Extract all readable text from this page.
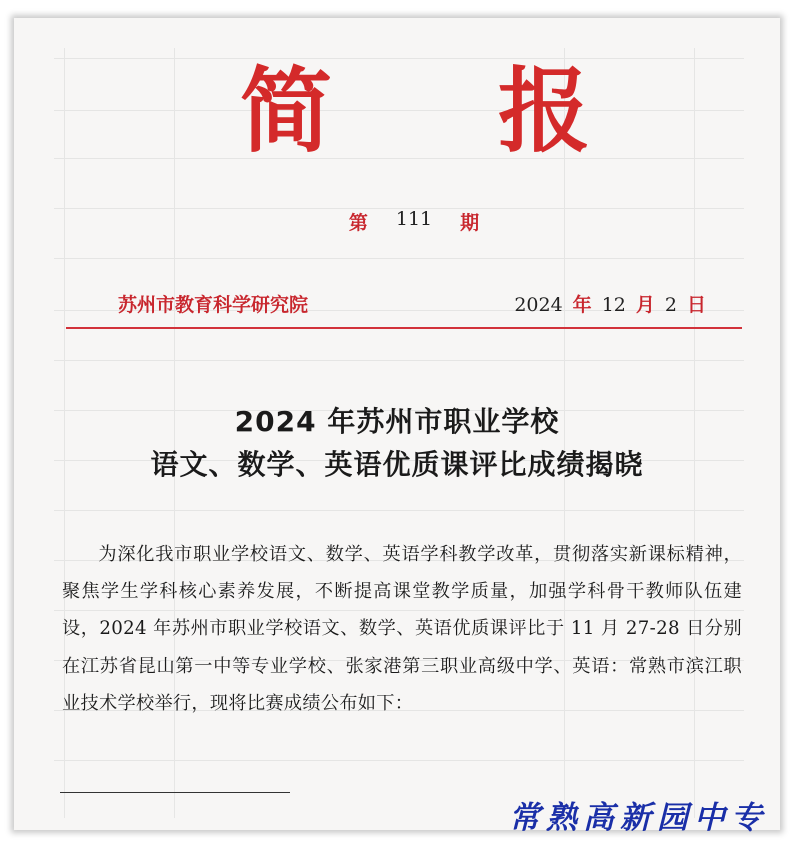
简 报
第 111 期
苏州市教育科学研究院	2024 年 12 月 2 日
2024 年苏州市职业学校
语文、数学、英语优质课评比成绩揭晓
为深化我市职业学校语文、数学、英语学科教学改革，贯彻落实新课标精神，聚焦学生学科核心素养发展，不断提高课堂教学质量，加强学科骨干教师队伍建设，2024 年苏州市职业学校语文、数学、英语优质课评比于 11 月 27-28 日分别在江苏省昆山第一中等专业学校、张家港第三职业高级中学、英语：常熟市滨江职业技术学校举行，现将比赛成绩公布如下：
常熟高新园中专
